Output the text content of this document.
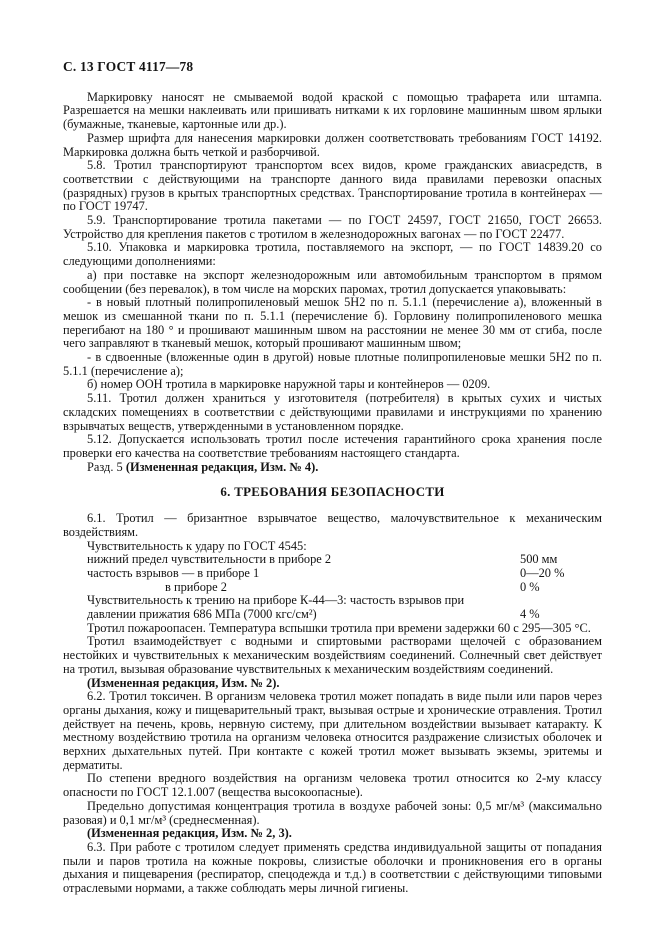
С. 13 ГОСТ 4117—78

Маркировку наносят не смываемой водой краской с помощью трафарета или штампа. Разрешается на мешки наклеивать или пришивать нитками к их горловине машинным швом ярлыки (бумажные, тканевые, картонные или др.).

Размер шрифта для нанесения маркировки должен соответствовать требованиям ГОСТ 14192. Маркировка должна быть четкой и разборчивой.

5.8. Тротил транспортируют транспортом всех видов, кроме гражданских авиасредств, в соответствии с действующими на транспорте данного вида правилами перевозки опасных (разрядных) грузов в крытых транспортных средствах. Транспортирование тротила в контейнерах — по ГОСТ 19747.

5.9. Транспортирование тротила пакетами — по ГОСТ 24597, ГОСТ 21650, ГОСТ 26653. Устройство для крепления пакетов с тротилом в железнодорожных вагонах — по ГОСТ 22477.

5.10. Упаковка и маркировка тротила, поставляемого на экспорт, — по ГОСТ 14839.20 со следующими дополнениями:

а) при поставке на экспорт железнодорожным или автомобильным транспортом в прямом сообщении (без перевалок), в том числе на морских паромах, тротил допускается упаковывать:

- в новый плотный полипропиленовый мешок 5Н2 по п. 5.1.1 (перечисление а), вложенный в мешок из смешанной ткани по п. 5.1.1 (перечисление б). Горловину полипропиленового мешка перегибают на 180 ° и прошивают машинным швом на расстоянии не менее 30 мм от сгиба, после чего заправляют в тканевый мешок, который прошивают машинным швом;

- в сдвоенные (вложенные один в другой) новые плотные полипропиленовые мешки 5Н2 по п. 5.1.1 (перечисление а);

б) номер ООН тротила в маркировке наружной тары и контейнеров — 0209.

5.11. Тротил должен храниться у изготовителя (потребителя) в крытых сухих и чистых складских помещениях в соответствии с действующими правилами и инструкциями по хранению взрывчатых веществ, утвержденными в установленном порядке.

5.12. Допускается использовать тротил после истечения гарантийного срока хранения после проверки его качества на соответствие требованиям настоящего стандарта.

Разд. 5 (Измененная редакция, Изм. № 4).

6. ТРЕБОВАНИЯ БЕЗОПАСНОСТИ

6.1. Тротил — бризантное взрывчатое вещество, малочувствительное к механическим воздействиям.

Чувствительность к удару по ГОСТ 4545:
нижний предел чувствительности в приборе 2	500 мм
частость взрывов — в приборе 1	0—20 %
в приборе 2	0 %
Чувствительность к трению на приборе К-44—3: частость взрывов при
давлении прижатия 686 МПа (7000 кгс/см²)	4 %

Тротил пожароопасен. Температура вспышки тротила при времени задержки 60 с 295—305 °С.

Тротил взаимодействует с водными и спиртовыми растворами щелочей с образованием нестойких и чувствительных к механическим воздействиям соединений. Солнечный свет действует на тротил, вызывая образование чувствительных к механическим воздействиям соединений.

(Измененная редакция, Изм. № 2).

6.2. Тротил токсичен. В организм человека тротил может попадать в виде пыли или паров через органы дыхания, кожу и пищеварительный тракт, вызывая острые и хронические отравления. Тротил действует на печень, кровь, нервную систему, при длительном воздействии вызывает катаракту. К местному воздействию тротила на организм человека относится раздражение слизистых оболочек и верхних дыхательных путей. При контакте с кожей тротил может вызывать экземы, эритемы и дерматиты.

По степени вредного воздействия на организм человека тротил относится ко 2-му классу опасности по ГОСТ 12.1.007 (вещества высокоопасные).

Предельно допустимая концентрация тротила в воздухе рабочей зоны: 0,5 мг/м³ (максимально разовая) и 0,1 мг/м³ (среднесменная).

(Измененная редакция, Изм. № 2, 3).

6.3. При работе с тротилом следует применять средства индивидуальной защиты от попадания пыли и паров тротила на кожные покровы, слизистые оболочки и проникновения его в органы дыхания и пищеварения (респиратор, спецодежда и т.д.) в соответствии с действующими типовыми отраслевыми нормами, а также соблюдать меры личной гигиены.
